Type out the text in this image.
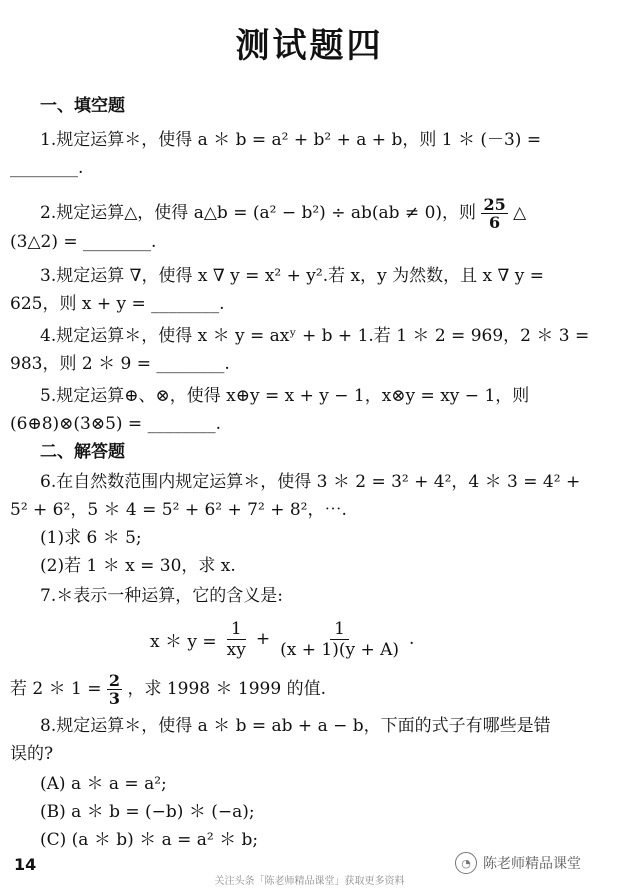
测试题四
一、填空题
1.规定运算＊，使得 a ＊ b = a² + b² + a + b，则 1 ＊ (－3) =
________.
2.规定运算△，使得 a△b = (a² − b²) ÷ ab(ab ≠ 0)，则 $\frac{25}{6}$ △
(3△2) = ________.
3.规定运算 ∇，使得 x ∇ y = x² + y².若 x，y 为然数，且 x ∇ y =
625，则 x + y = ________.
4.规定运算＊，使得 x ＊ y = axʸ + b + 1.若 1 ＊ 2 = 969，2 ＊ 3 =
983，则 2 ＊ 9 = ________.
5.规定运算⊕、⊗，使得 x⊕y = x + y − 1，x⊗y = xy − 1，则
(6⊕8)⊗(3⊗5) = ________.
二、解答题
6.在自然数范围内规定运算＊，使得 3 ＊ 2 = 3² + 4²，4 ＊ 3 = 4² +
5² + 6²，5 ＊ 4 = 5² + 6² + 7² + 8²，⋯.
(1)求 6 ＊ 5;
(2)若 1 ＊ x = 30，求 x.
7.＊表示一种运算，它的含义是:
x ＊ $y = \frac{1}{xy} + \frac{1}{(x + 1)(y + A)}$ .
若 2 ＊ $1 = \frac{2}{3}$ ，求 1998 ＊ 1999 的值.
8.规定运算＊，使得 a ＊ b = ab + a − b，下面的式子有哪些是错
误的?
(A) a ＊ a = a²;
(B) a ＊ b = (−b) ＊ (−a);
(C) (a ＊ b) ＊ a = a² ＊ b;
14	◔ 陈老师精品课堂
关注头条「陈老师精品课堂」获取更多资料
